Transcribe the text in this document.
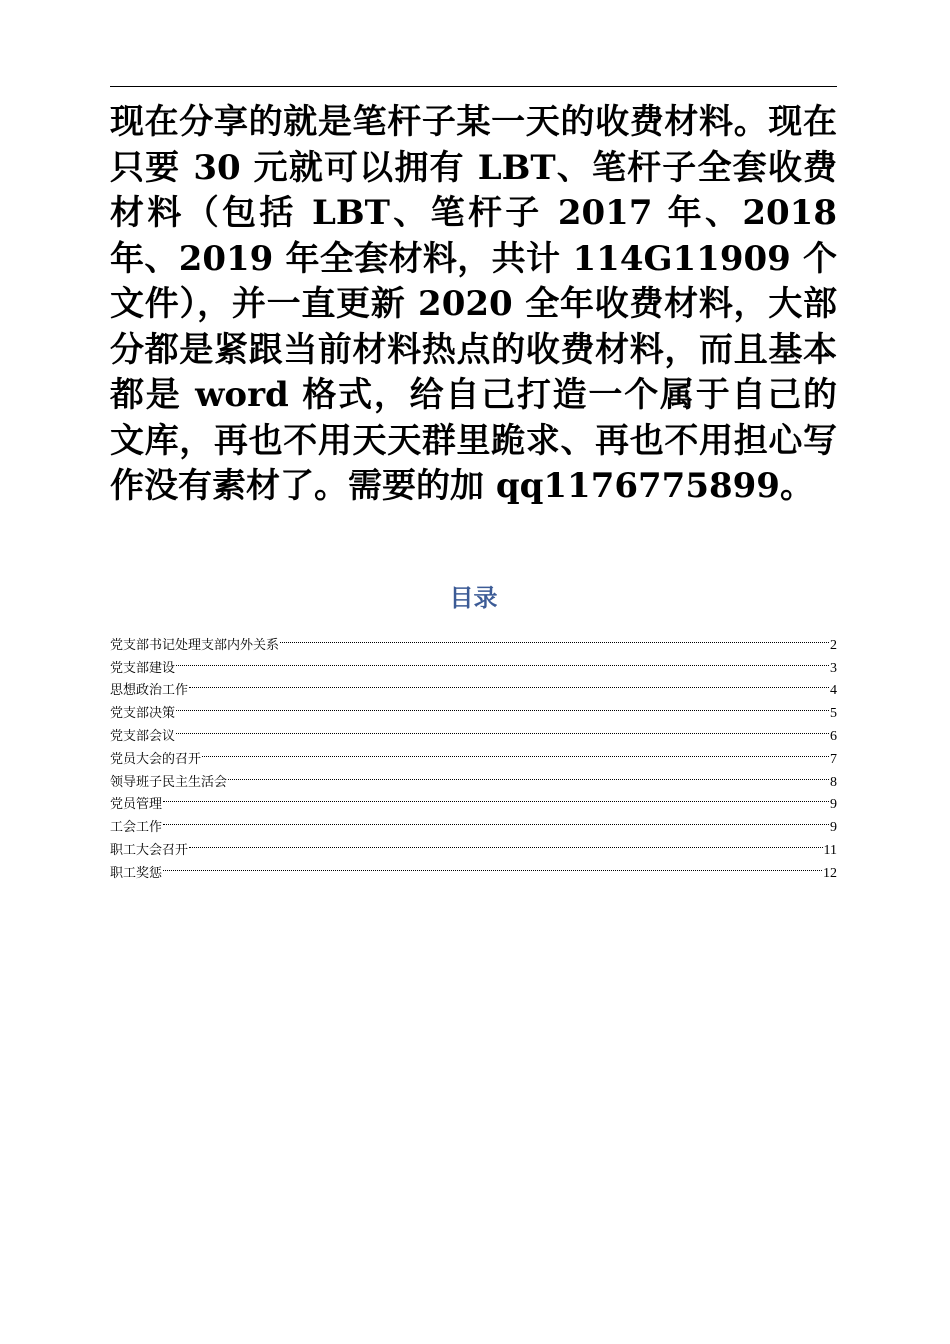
现在分享的就是笔杆子某一天的收费材料。现在只要 30 元就可以拥有 LBT、笔杆子全套收费材料（包括 LBT、笔杆子 2017 年、2018 年、2019 年全套材料，共计 114G11909 个文件），并一直更新 2020 全年收费材料，大部分都是紧跟当前材料热点的收费材料，而且基本都是 word 格式，给自己打造一个属于自己的文库，再也不用天天群里跪求、再也不用担心写作没有素材了。需要的加 qq1176775899。

目录
党支部书记处理支部内外关系	2
党支部建设	3
思想政治工作	4
党支部决策	5
党支部会议	6
党员大会的召开	7
领导班子民主生活会	8
党员管理	9
工会工作	9
职工大会召开	11
职工奖惩	12
